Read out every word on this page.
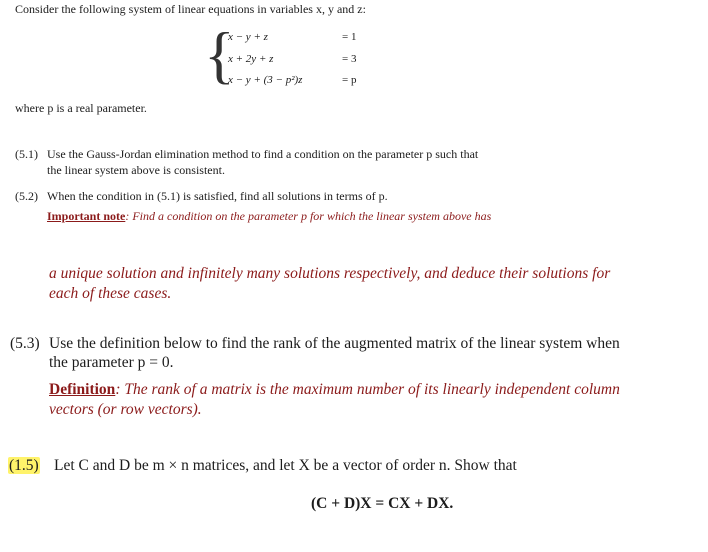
Consider the following system of linear equations in variables x, y and z:
{
x − y + z	= 1
x + 2y + z	= 3
x − y + (3 − p²)z	= p
where p is a real parameter.
(5.1) Use the Gauss-Jordan elimination method to find a condition on the parameter p such that
the linear system above is consistent.
(5.2) When the condition in (5.1) is satisfied, find all solutions in terms of p.
Important note: Find a condition on the parameter p for which the linear system above has
a unique solution and infinitely many solutions respectively, and deduce their solutions for
each of these cases.
(5.3) Use the definition below to find the rank of the augmented matrix of the linear system when
the parameter p = 0.
Definition: The rank of a matrix is the maximum number of its linearly independent column
vectors (or row vectors).
(1.5) Let C and D be m × n matrices, and let X be a vector of order n. Show that
(C + D)X = CX + DX.
